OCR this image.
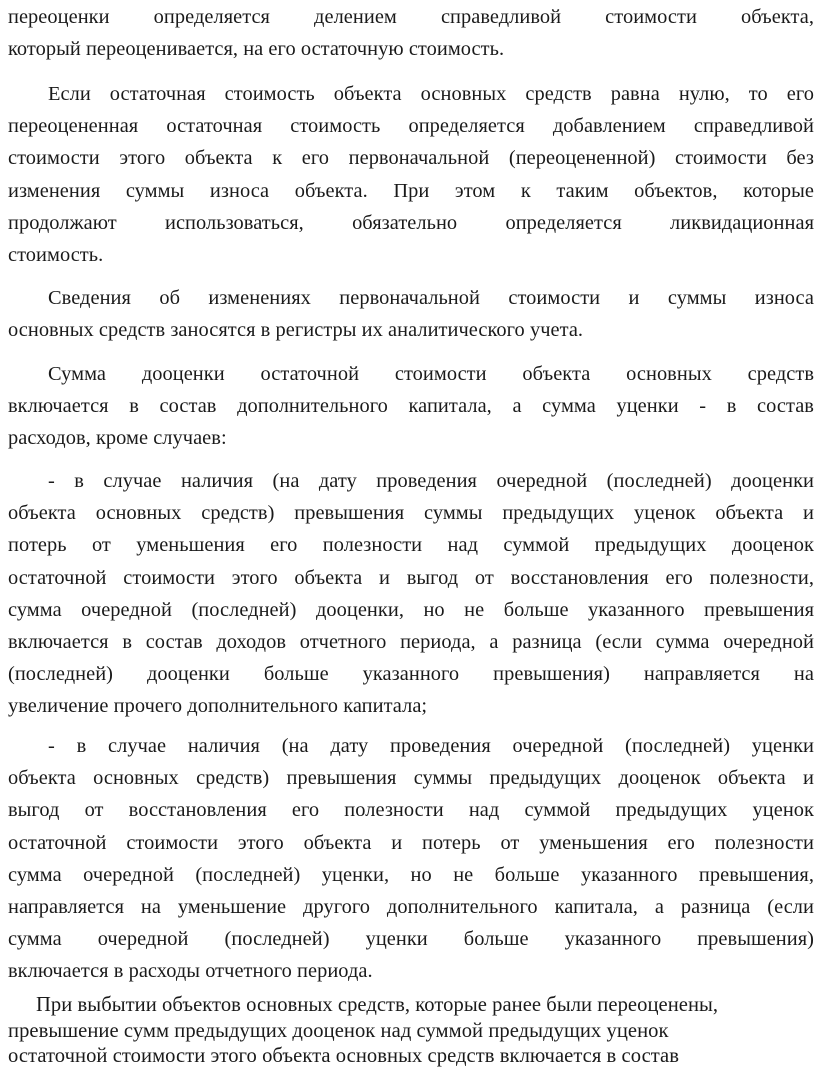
переоценки определяется делением справедливой стоимости объекта,
который переоценивается, на его остаточную стоимость.
Если остаточная стоимость объекта основных средств равна нулю, то его
переоцененная остаточная стоимость определяется добавлением справедливой
стоимости этого объекта к его первоначальной (переоцененной) стоимости без
изменения суммы износа объекта. При этом к таким объектов, которые
продолжают использоваться, обязательно определяется ликвидационная
стоимость.
Сведения об изменениях первоначальной стоимости и суммы износа
основных средств заносятся в регистры их аналитического учета.
Сумма дооценки остаточной стоимости объекта основных средств
включается в состав дополнительного капитала, а сумма уценки - в состав
расходов, кроме случаев:
- в случае наличия (на дату проведения очередной (последней) дооценки
объекта основных средств) превышения суммы предыдущих уценок объекта и
потерь от уменьшения его полезности над суммой предыдущих дооценок
остаточной стоимости этого объекта и выгод от восстановления его полезности,
сумма очередной (последней) дооценки, но не больше указанного превышения
включается в состав доходов отчетного периода, а разница (если сумма очередной
(последней) дооценки больше указанного превышения) направляется на
увеличение прочего дополнительного капитала;
- в случае наличия (на дату проведения очередной (последней) уценки
объекта основных средств) превышения суммы предыдущих дооценок объекта и
выгод от восстановления его полезности над суммой предыдущих уценок
остаточной стоимости этого объекта и потерь от уменьшения его полезности
сумма очередной (последней) уценки, но не больше указанного превышения,
направляется на уменьшение другого дополнительного капитала, а разница (если
сумма очередной (последней) уценки больше указанного превышения)
включается в расходы отчетного периода.
При выбытии объектов основных средств, которые ранее были переоценены,
превышение сумм предыдущих дооценок над суммой предыдущих уценок
остаточной стоимости этого объекта основных средств включается в состав
